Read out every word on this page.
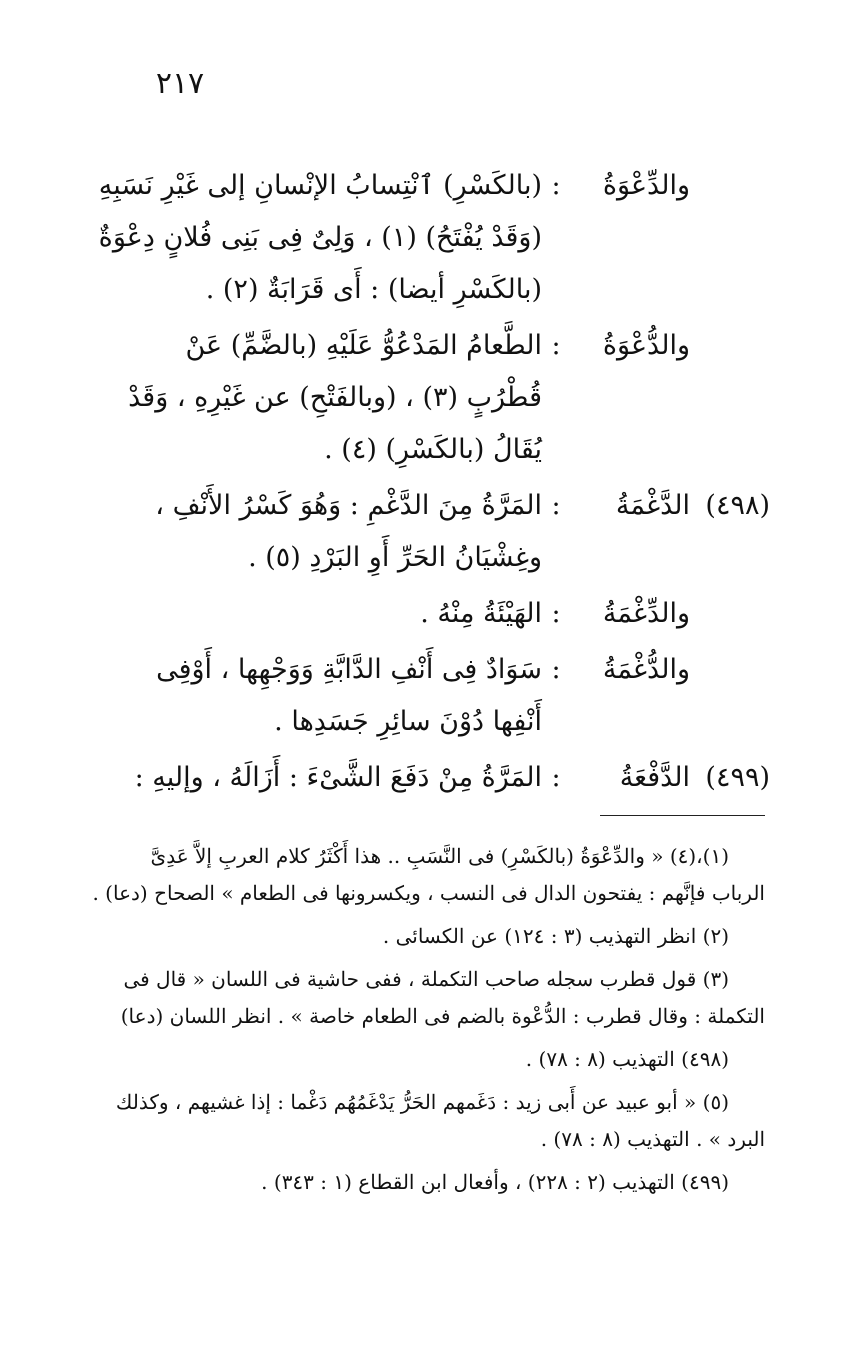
٢١٧
والدِّعْوَةُ
:
(بالكَسْرِ) ٱنْتِسابُ الإنْسانِ إلى غَيْرِ نَسَبِهِ
(وَقَدْ يُفْتَحُ) (١) ، وَلِىٌ فِى بَنِى فُلانٍ دِعْوَةٌ
(بالكَسْرِ أيضا) : أَى قَرَابَةٌ (٢) .
والدُّعْوَةُ
:
الطَّعامُ المَدْعُوُّ عَلَيْهِ (بالضَّمِّ) عَنْ
قُطْرُبٍ (٣) ، (وبالفَتْحِ) عن غَيْرِهِ ، وَقَدْ
يُقَالُ (بالكَسْرِ) (٤) .
(٤٩٨)
الدَّغْمَةُ
:
المَرَّةُ مِنَ الدَّغْمِ : وَهُوَ كَسْرُ الأَنْفِ ،
وغِشْيَانُ الحَرِّ أَوِ البَرْدِ (٥) .
والدِّغْمَةُ
:
الهَيْئَةُ مِنْهُ .
والدُّغْمَةُ
:
سَوَادٌ فِى أَنْفِ الدَّابَّةِ وَوَجْهِها ، أَوْفِى
أَنْفِها دُوْنَ سائِرِ جَسَدِها .
(٤٩٩)
الدَّفْعَةُ
:
المَرَّةُ مِنْ دَفَعَ الشَّىْءَ : أَزَالَهُ ، وإليهِ :
(١)،(٤) « والدِّعْوَةُ (بالكَسْرِ) فى النَّسَبِ .. هذا أَكْثَرُ كلام العربِ إلاَّ عَدِىَّ
الرباب فإنَّهم : يفتحون الدال فى النسب ، ويكسرونها فى الطعام » الصحاح (دعا) .
(٢) انظر التهذيب (٣ : ١٢٤) عن الكسائى .
(٣) قول قطرب سجله صاحب التكملة ، ففى حاشية فى اللسان « قال فى
التكملة : وقال قطرب : الدُّعْوة بالضم فى الطعام خاصة » . انظر اللسان (دعا)
(٤٩٨) التهذيب (٨ : ٧٨) .
(٥) « أبو عبيد عن أَبى زيد : دَغَمهم الحَرُّ يَدْغَمُهُم دَغْما : إذا غشيهم ، وكذلك
البرد » . التهذيب (٨ : ٧٨) .
(٤٩٩) التهذيب (٢ : ٢٢٨) ، وأفعال ابن القطاع (١ : ٣٤٣) .
